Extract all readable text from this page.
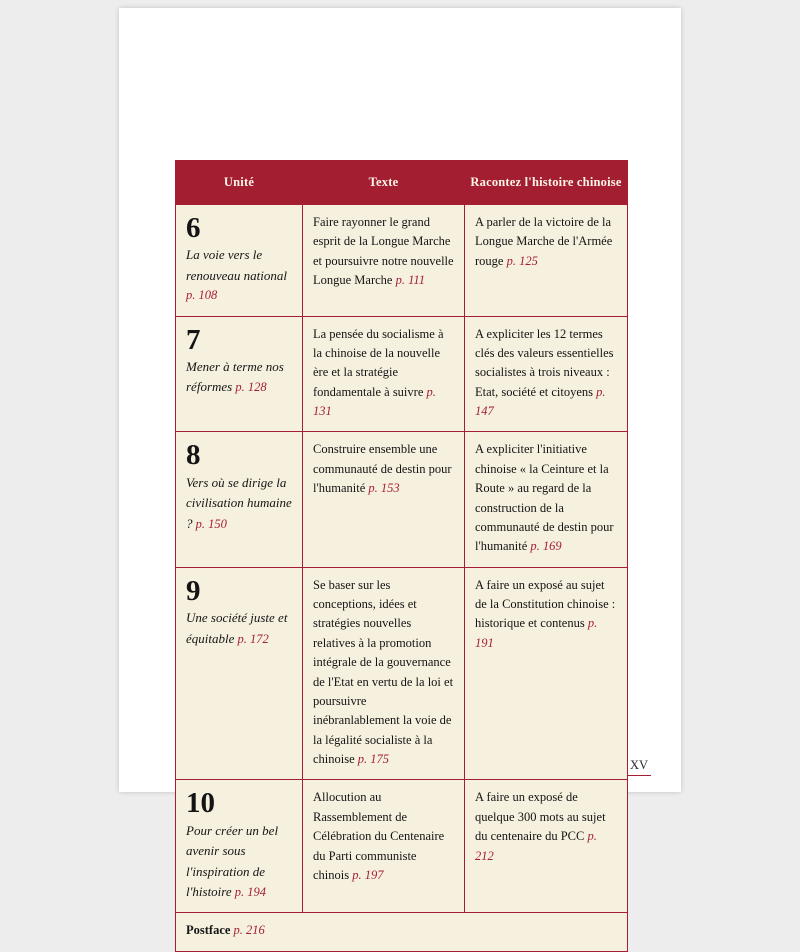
Unité	Texte	Racontez l'histoire chinoise

6
La voie vers le renouveau national p. 108	Faire rayonner le grand esprit de la Longue Marche et poursuivre notre nouvelle Longue Marche p. 111	A parler de la victoire de la Longue Marche de l'Armée rouge p. 125

7
Mener à terme nos réformes p. 128	La pensée du socialisme à la chinoise de la nouvelle ère et la stratégie fondamentale à suivre p. 131	A expliciter les 12 termes clés des valeurs essentielles socialistes à trois niveaux : Etat, société et citoyens p. 147

8
Vers où se dirige la civilisation humaine ? p. 150	Construire ensemble une communauté de destin pour l'humanité p. 153	A expliciter l'initiative chinoise « la Ceinture et la Route » au regard de la construction de la communauté de destin pour l'humanité p. 169

9
Une société juste et équitable p. 172	Se baser sur les conceptions, idées et stratégies nouvelles relatives à la promotion intégrale de la gouvernance de l'Etat en vertu de la loi et poursuivre inébranlablement la voie de la légalité socialiste à la chinoise p. 175	A faire un exposé au sujet de la Constitution chinoise : historique et contenus p. 191

10
Pour créer un bel avenir sous l'inspiration de l'histoire p. 194	Allocution au Rassemblement de Célébration du Centenaire du Parti communiste chinois p. 197	A faire un exposé de quelque 300 mots au sujet du centenaire du PCC p. 212
Postface p. 216		
XV
